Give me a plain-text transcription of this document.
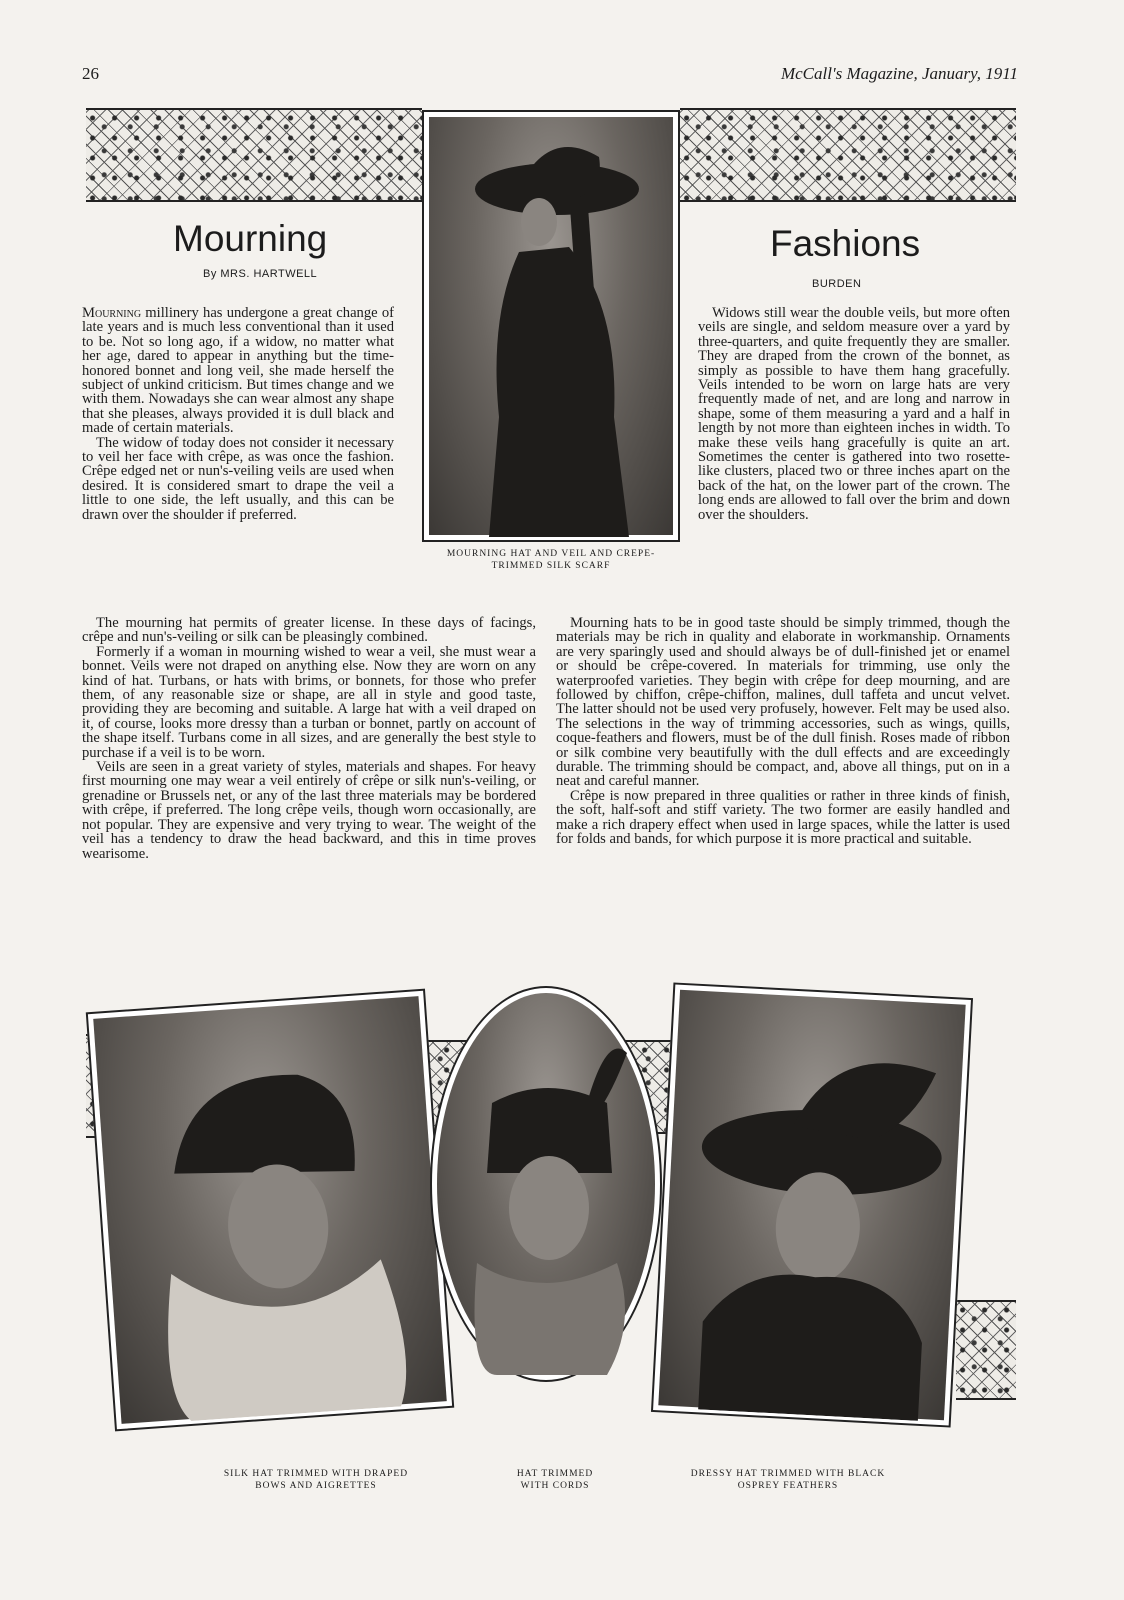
26	McCall's Magazine, January, 1911
MOURNING HAT AND VEIL AND CREPE-
TRIMMED SILK SCARF
Mourning
By MRS. HARTWELL
Fashions
BURDEN

Mourning millinery has undergone a great change of late years and is much less conventional than it used to be. Not so long ago, if a widow, no matter what her age, dared to appear in anything but the time-honored bonnet and long veil, she made herself the subject of unkind criticism. But times change and we with them. Nowadays she can wear almost any shape that she pleases, always provided it is dull black and made of certain materials.

The widow of today does not consider it necessary to veil her face with crêpe, as was once the fashion. Crêpe edged net or nun's-veiling veils are used when desired. It is considered smart to drape the veil a little to one side, the left usually, and this can be drawn over the shoulder if preferred.

The mourning hat permits of greater license. In these days of facings, crêpe and nun's-veiling or silk can be pleasingly combined.

Formerly if a woman in mourning wished to wear a veil, she must wear a bonnet. Veils were not draped on anything else. Now they are worn on any kind of hat. Turbans, or hats with brims, or bonnets, for those who prefer them, of any reasonable size or shape, are all in style and good taste, providing they are becoming and suitable. A large hat with a veil draped on it, of course, looks more dressy than a turban or bonnet, partly on account of the shape itself. Turbans come in all sizes, and are generally the best style to purchase if a veil is to be worn.

Veils are seen in a great variety of styles, materials and shapes. For heavy first mourning one may wear a veil entirely of crêpe or silk nun's-veiling, or grenadine or Brussels net, or any of the last three materials may be bordered with crêpe, if preferred. The long crêpe veils, though worn occasionally, are not popular. They are expensive and very trying to wear. The weight of the veil has a tendency to draw the head backward, and this in time proves wearisome.

Widows still wear the double veils, but more often veils are single, and seldom measure over a yard by three-quarters, and quite frequently they are smaller. They are draped from the crown of the bonnet, as simply as possible to have them hang gracefully. Veils intended to be worn on large hats are very frequently made of net, and are long and narrow in shape, some of them measuring a yard and a half in length by not more than eighteen inches in width. To make these veils hang gracefully is quite an art. Sometimes the center is gathered into two rosette-like clusters, placed two or three inches apart on the back of the hat, on the lower part of the crown. The long ends are allowed to fall over the brim and down over the shoulders.

Mourning hats to be in good taste should be simply trimmed, though the materials may be rich in quality and elaborate in workmanship. Ornaments are very sparingly used and should always be of dull-finished jet or enamel or should be crêpe-covered. In materials for trimming, use only the waterproofed varieties. They begin with crêpe for deep mourning, and are followed by chiffon, crêpe-chiffon, malines, dull taffeta and uncut velvet. The latter should not be used very profusely, however. Felt may be used also. The selections in the way of trimming accessories, such as wings, quills, coque-feathers and flowers, must be of the dull finish. Roses made of ribbon or silk combine very beautifully with the dull effects and are exceedingly durable. The trimming should be compact, and, above all things, put on in a neat and careful manner.

Crêpe is now prepared in three qualities or rather in three kinds of finish, the soft, half-soft and stiff variety. The two former are easily handled and make a rich drapery effect when used in large spaces, while the latter is used for folds and bands, for which purpose it is more practical and suitable.

SILK HAT TRIMMED WITH DRAPED
BOWS AND AIGRETTES
HAT TRIMMED
WITH CORDS
DRESSY HAT TRIMMED WITH BLACK
OSPREY FEATHERS
